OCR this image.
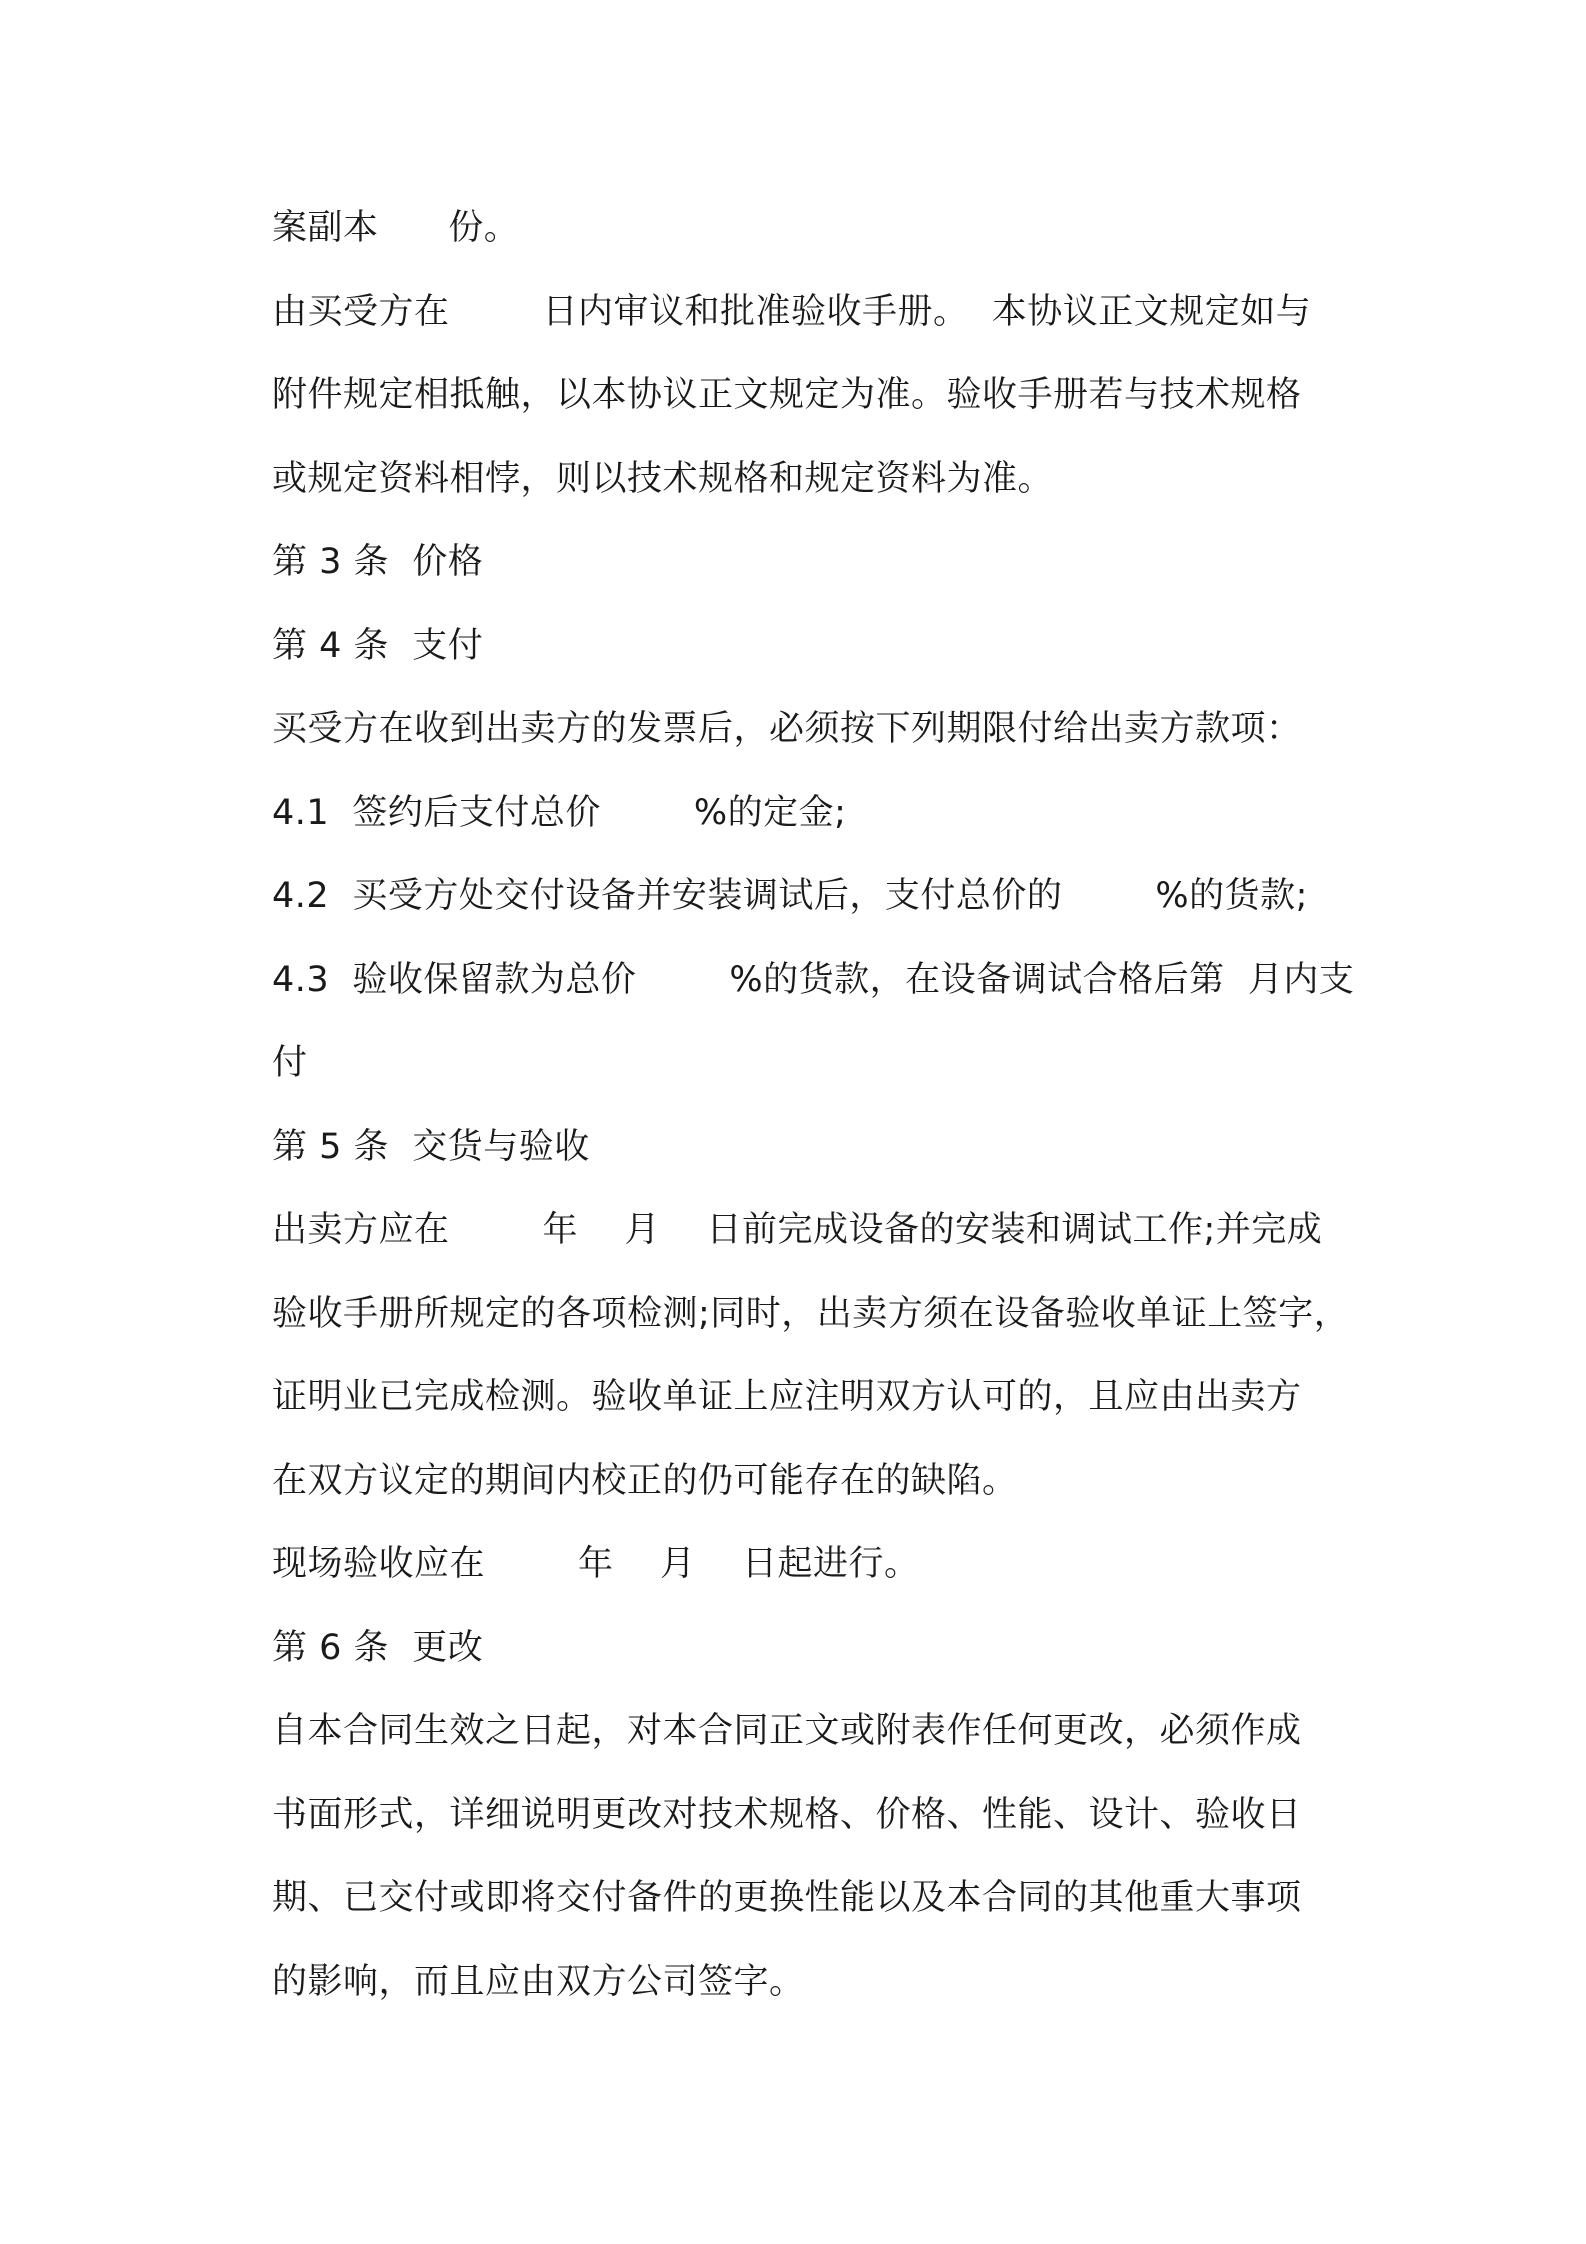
案副本      份。
由买受方在        日内审议和批准验收手册。  本协议正文规定如与
附件规定相抵触，以本协议正文规定为准。验收手册若与技术规格
或规定资料相悖，则以技术规格和规定资料为准。
第 3 条  价格
第 4 条  支付
买受方在收到出卖方的发票后，必须按下列期限付给出卖方款项：
4.1  签约后支付总价        %的定金;
4.2  买受方处交付设备并安装调试后，支付总价的        %的货款;
4.3  验收保留款为总价        %的货款，在设备调试合格后第  月内支
付
第 5 条  交货与验收
出卖方应在        年    月    日前完成设备的安装和调试工作;并完成
验收手册所规定的各项检测;同时，出卖方须在设备验收单证上签字，
证明业已完成检测。验收单证上应注明双方认可的，且应由出卖方
在双方议定的期间内校正的仍可能存在的缺陷。
现场验收应在        年    月    日起进行。
第 6 条  更改
自本合同生效之日起，对本合同正文或附表作任何更改，必须作成
书面形式，详细说明更改对技术规格、价格、性能、设计、验收日
期、已交付或即将交付备件的更换性能以及本合同的其他重大事项
的影响，而且应由双方公司签字。
